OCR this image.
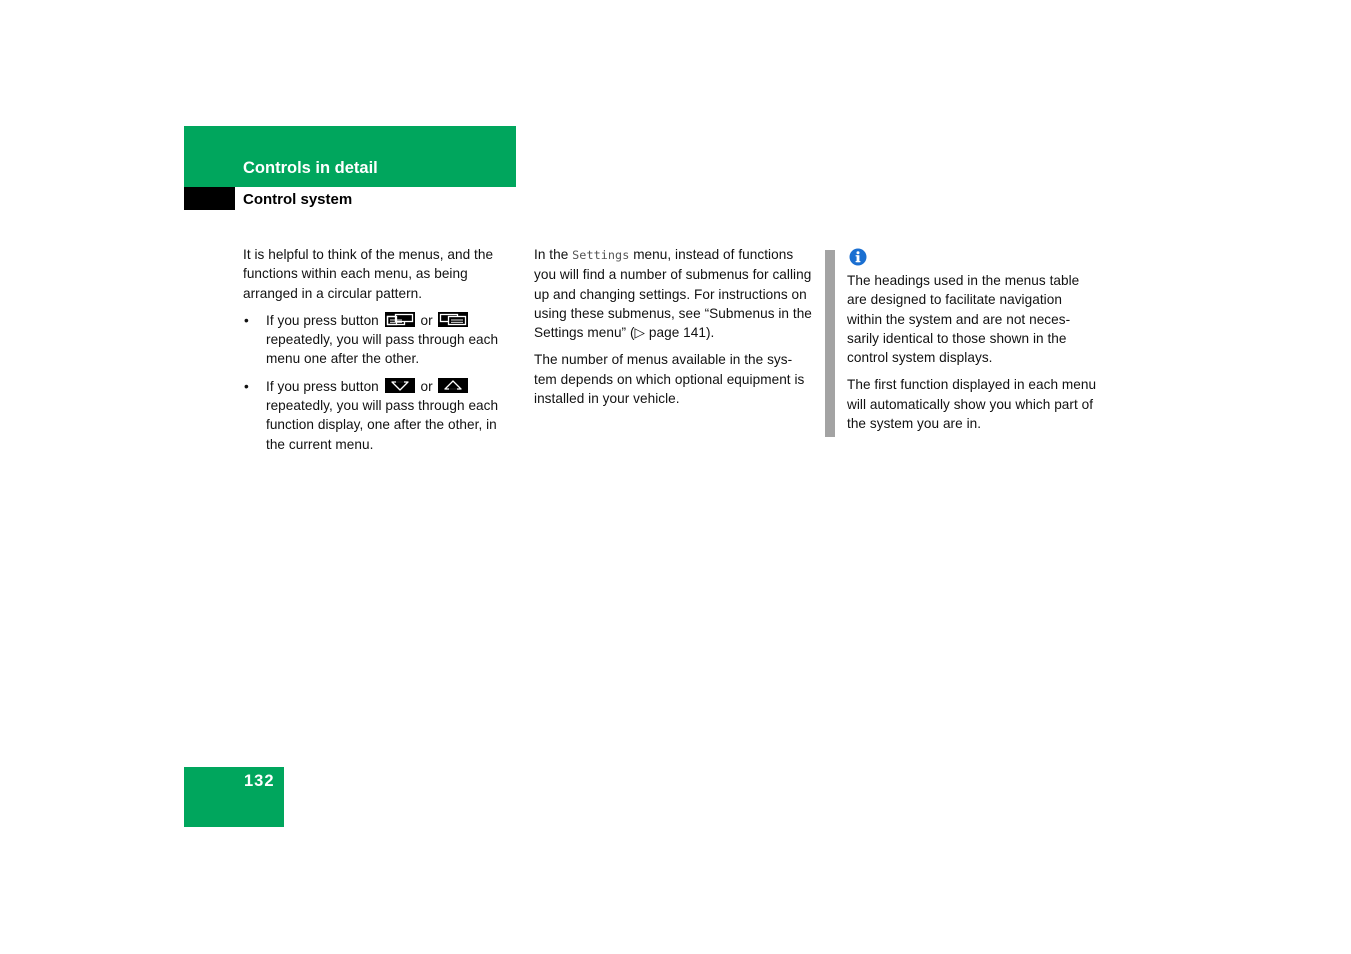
Controls in detail
Control system

It is helpful to think of the menus, and the functions within each menu, as being arranged in a circular pattern.

• If you press button	or
repeatedly, you will pass through each menu one after the other.
• If you press button	or
repeatedly, you will pass through each function display, one after the other, in the current menu.

In the Settings menu, instead of functions you will find a number of submenus for calling up and changing settings. For instructions on using these submenus, see “Submenus in the Settings menu” (▷ page 141).

The number of menus available in the sys-tem depends on which optional equipment is installed in your vehicle.

The headings used in the menus table are designed to facilitate navigation within the system and are not neces-sarily identical to those shown in the control system displays.

The first function displayed in each menu will automatically show you which part of the system you are in.

132
